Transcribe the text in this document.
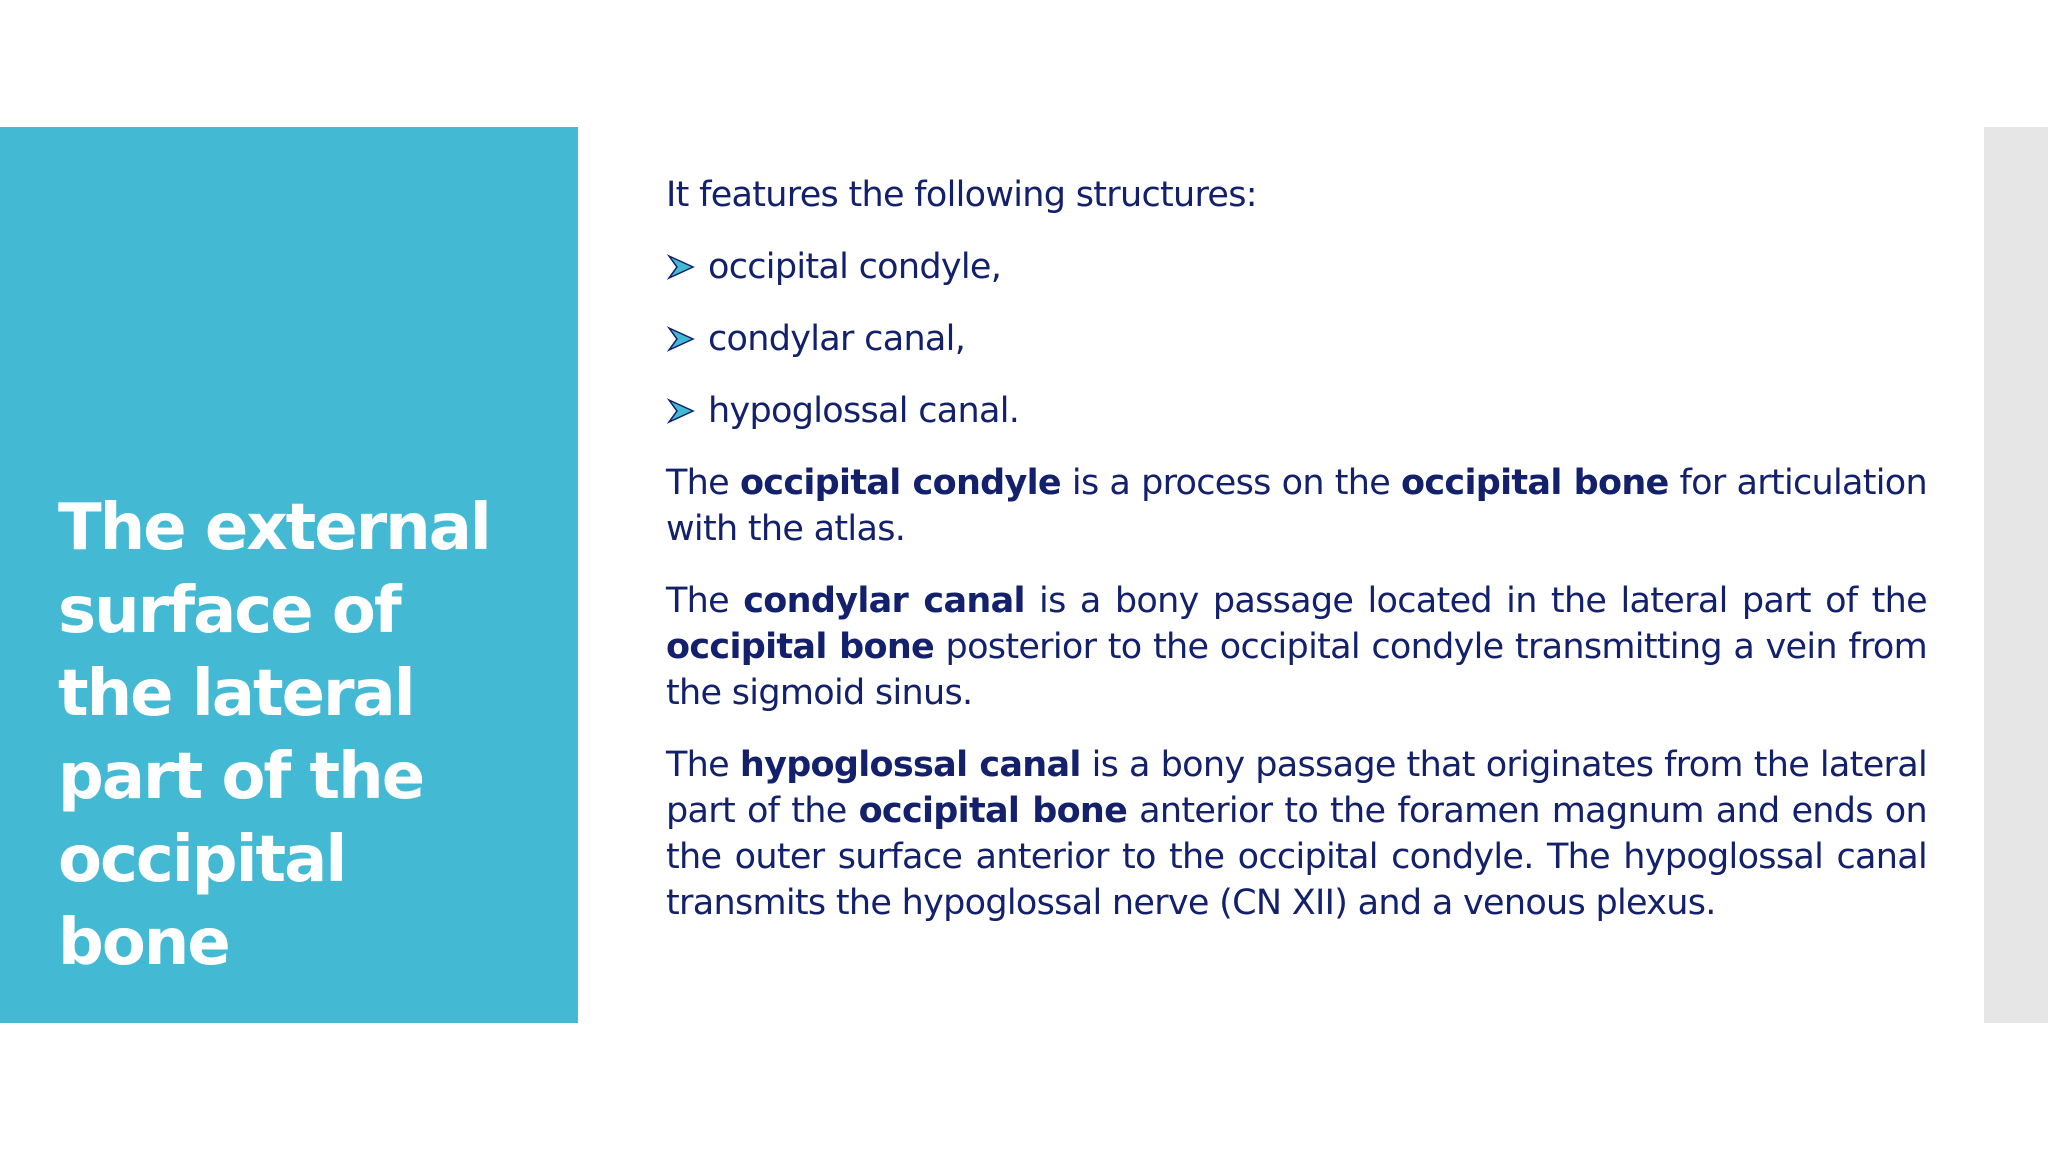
The external surface of the lateral part of the occipital bone

It features the following structures:

occipital condyle,
condylar canal,
hypoglossal canal.

The occipital condyle is a process on the occipital bone for articulation with the atlas.

The condylar canal is a bony passage located in the lateral part of the occipital bone posterior to the occipital condyle transmitting a vein from the sigmoid sinus.

The hypoglossal canal is a bony passage that originates from the lateral part of the occipital bone anterior to the foramen magnum and ends on the outer surface anterior to the occipital condyle. The hypoglossal canal transmits the hypoglossal nerve (CN XII) and a venous plexus.
